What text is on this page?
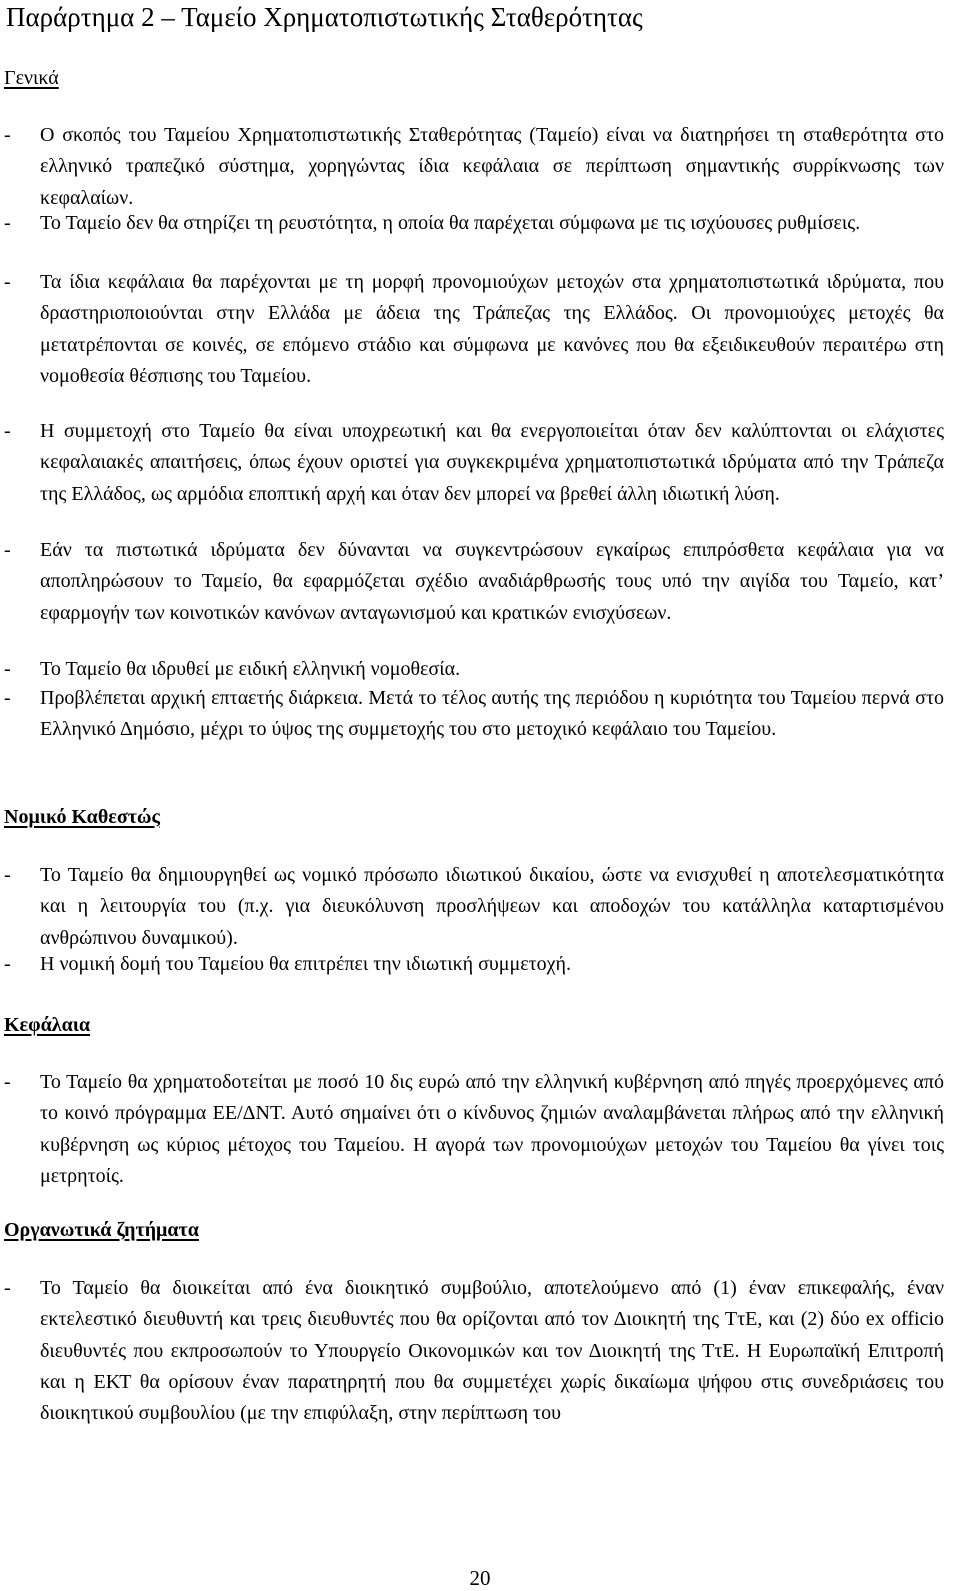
Παράρτημα 2 – Ταμείο Χρηματοπιστωτικής Σταθερότητας
Γενικά
-	Ο σκοπός του Ταμείου Χρηματοπιστωτικής Σταθερότητας (Ταμείο) είναι να διατηρήσει τη σταθερότητα στο ελληνικό τραπεζικό σύστημα, χορηγώντας ίδια κεφάλαια σε περίπτωση σημαντικής συρρίκνωσης των κεφαλαίων.
-	Το Ταμείο δεν θα στηρίζει τη ρευστότητα, η οποία θα παρέχεται σύμφωνα με τις ισχύουσες ρυθμίσεις.
-	Τα ίδια κεφάλαια θα παρέχονται με τη μορφή προνομιούχων μετοχών στα χρηματοπιστωτικά ιδρύματα, που δραστηριοποιούνται στην Ελλάδα με άδεια της Τράπεζας της Ελλάδος. Οι προνομιούχες μετοχές θα μετατρέπονται σε κοινές, σε επόμενο στάδιο και σύμφωνα με κανόνες που θα εξειδικευθούν περαιτέρω στη νομοθεσία θέσπισης του Ταμείου.
-	Η συμμετοχή στο Ταμείο θα είναι υποχρεωτική και θα ενεργοποιείται όταν δεν καλύπτονται οι ελάχιστες κεφαλαιακές απαιτήσεις, όπως έχουν οριστεί για συγκεκριμένα χρηματοπιστωτικά ιδρύματα από την Τράπεζα της Ελλάδος, ως αρμόδια εποπτική αρχή και όταν δεν μπορεί να βρεθεί άλλη ιδιωτική λύση.
-	Εάν τα πιστωτικά ιδρύματα δεν δύνανται να συγκεντρώσουν εγκαίρως επιπρόσθετα κεφάλαια για να αποπληρώσουν το Ταμείο, θα εφαρμόζεται σχέδιο αναδιάρθρωσής τους υπό την αιγίδα του Ταμείο, κατ’ εφαρμογήν των κοινοτικών κανόνων ανταγωνισμού και κρατικών ενισχύσεων.
-	Το Ταμείο θα ιδρυθεί με ειδική ελληνική νομοθεσία.
-	Προβλέπεται αρχική επταετής διάρκεια. Μετά το τέλος αυτής της περιόδου η κυριότητα του Ταμείου περνά στο Ελληνικό Δημόσιο, μέχρι το ύψος της συμμετοχής του στο μετοχικό κεφάλαιο του Ταμείου.
Νομικό Καθεστώς
-	Το Ταμείο θα δημιουργηθεί ως νομικό πρόσωπο ιδιωτικού δικαίου, ώστε να ενισχυθεί η αποτελεσματικότητα και η λειτουργία του (π.χ. για διευκόλυνση προσλήψεων και αποδοχών του κατάλληλα καταρτισμένου ανθρώπινου δυναμικού).
-	Η νομική δομή του Ταμείου θα επιτρέπει την ιδιωτική συμμετοχή.
Κεφάλαια
-	Το Ταμείο θα χρηματοδοτείται με ποσό 10 δις ευρώ από την ελληνική κυβέρνηση από πηγές προερχόμενες από το κοινό πρόγραμμα ΕΕ/ΔΝΤ. Αυτό σημαίνει ότι ο κίνδυνος ζημιών αναλαμβάνεται πλήρως από την ελληνική κυβέρνηση ως κύριος μέτοχος του Ταμείου. Η αγορά των προνομιούχων μετοχών του Ταμείου θα γίνει τοις μετρητοίς.
Οργανωτικά ζητήματα
-	Το Ταμείο θα διοικείται από ένα διοικητικό συμβούλιο, αποτελούμενο από (1) έναν επικεφαλής, έναν εκτελεστικό διευθυντή και τρεις διευθυντές που θα ορίζονται από τον Διοικητή της ΤτΕ, και (2) δύο ex officio διευθυντές που εκπροσωπούν το Υπουργείο Οικονομικών και τον Διοικητή της ΤτΕ. Η Ευρωπαϊκή Επιτροπή και η ΕΚΤ θα ορίσουν έναν παρατηρητή που θα συμμετέχει χωρίς δικαίωμα ψήφου στις συνεδριάσεις του διοικητικού συμβουλίου (με την επιφύλαξη, στην περίπτωση του
20
